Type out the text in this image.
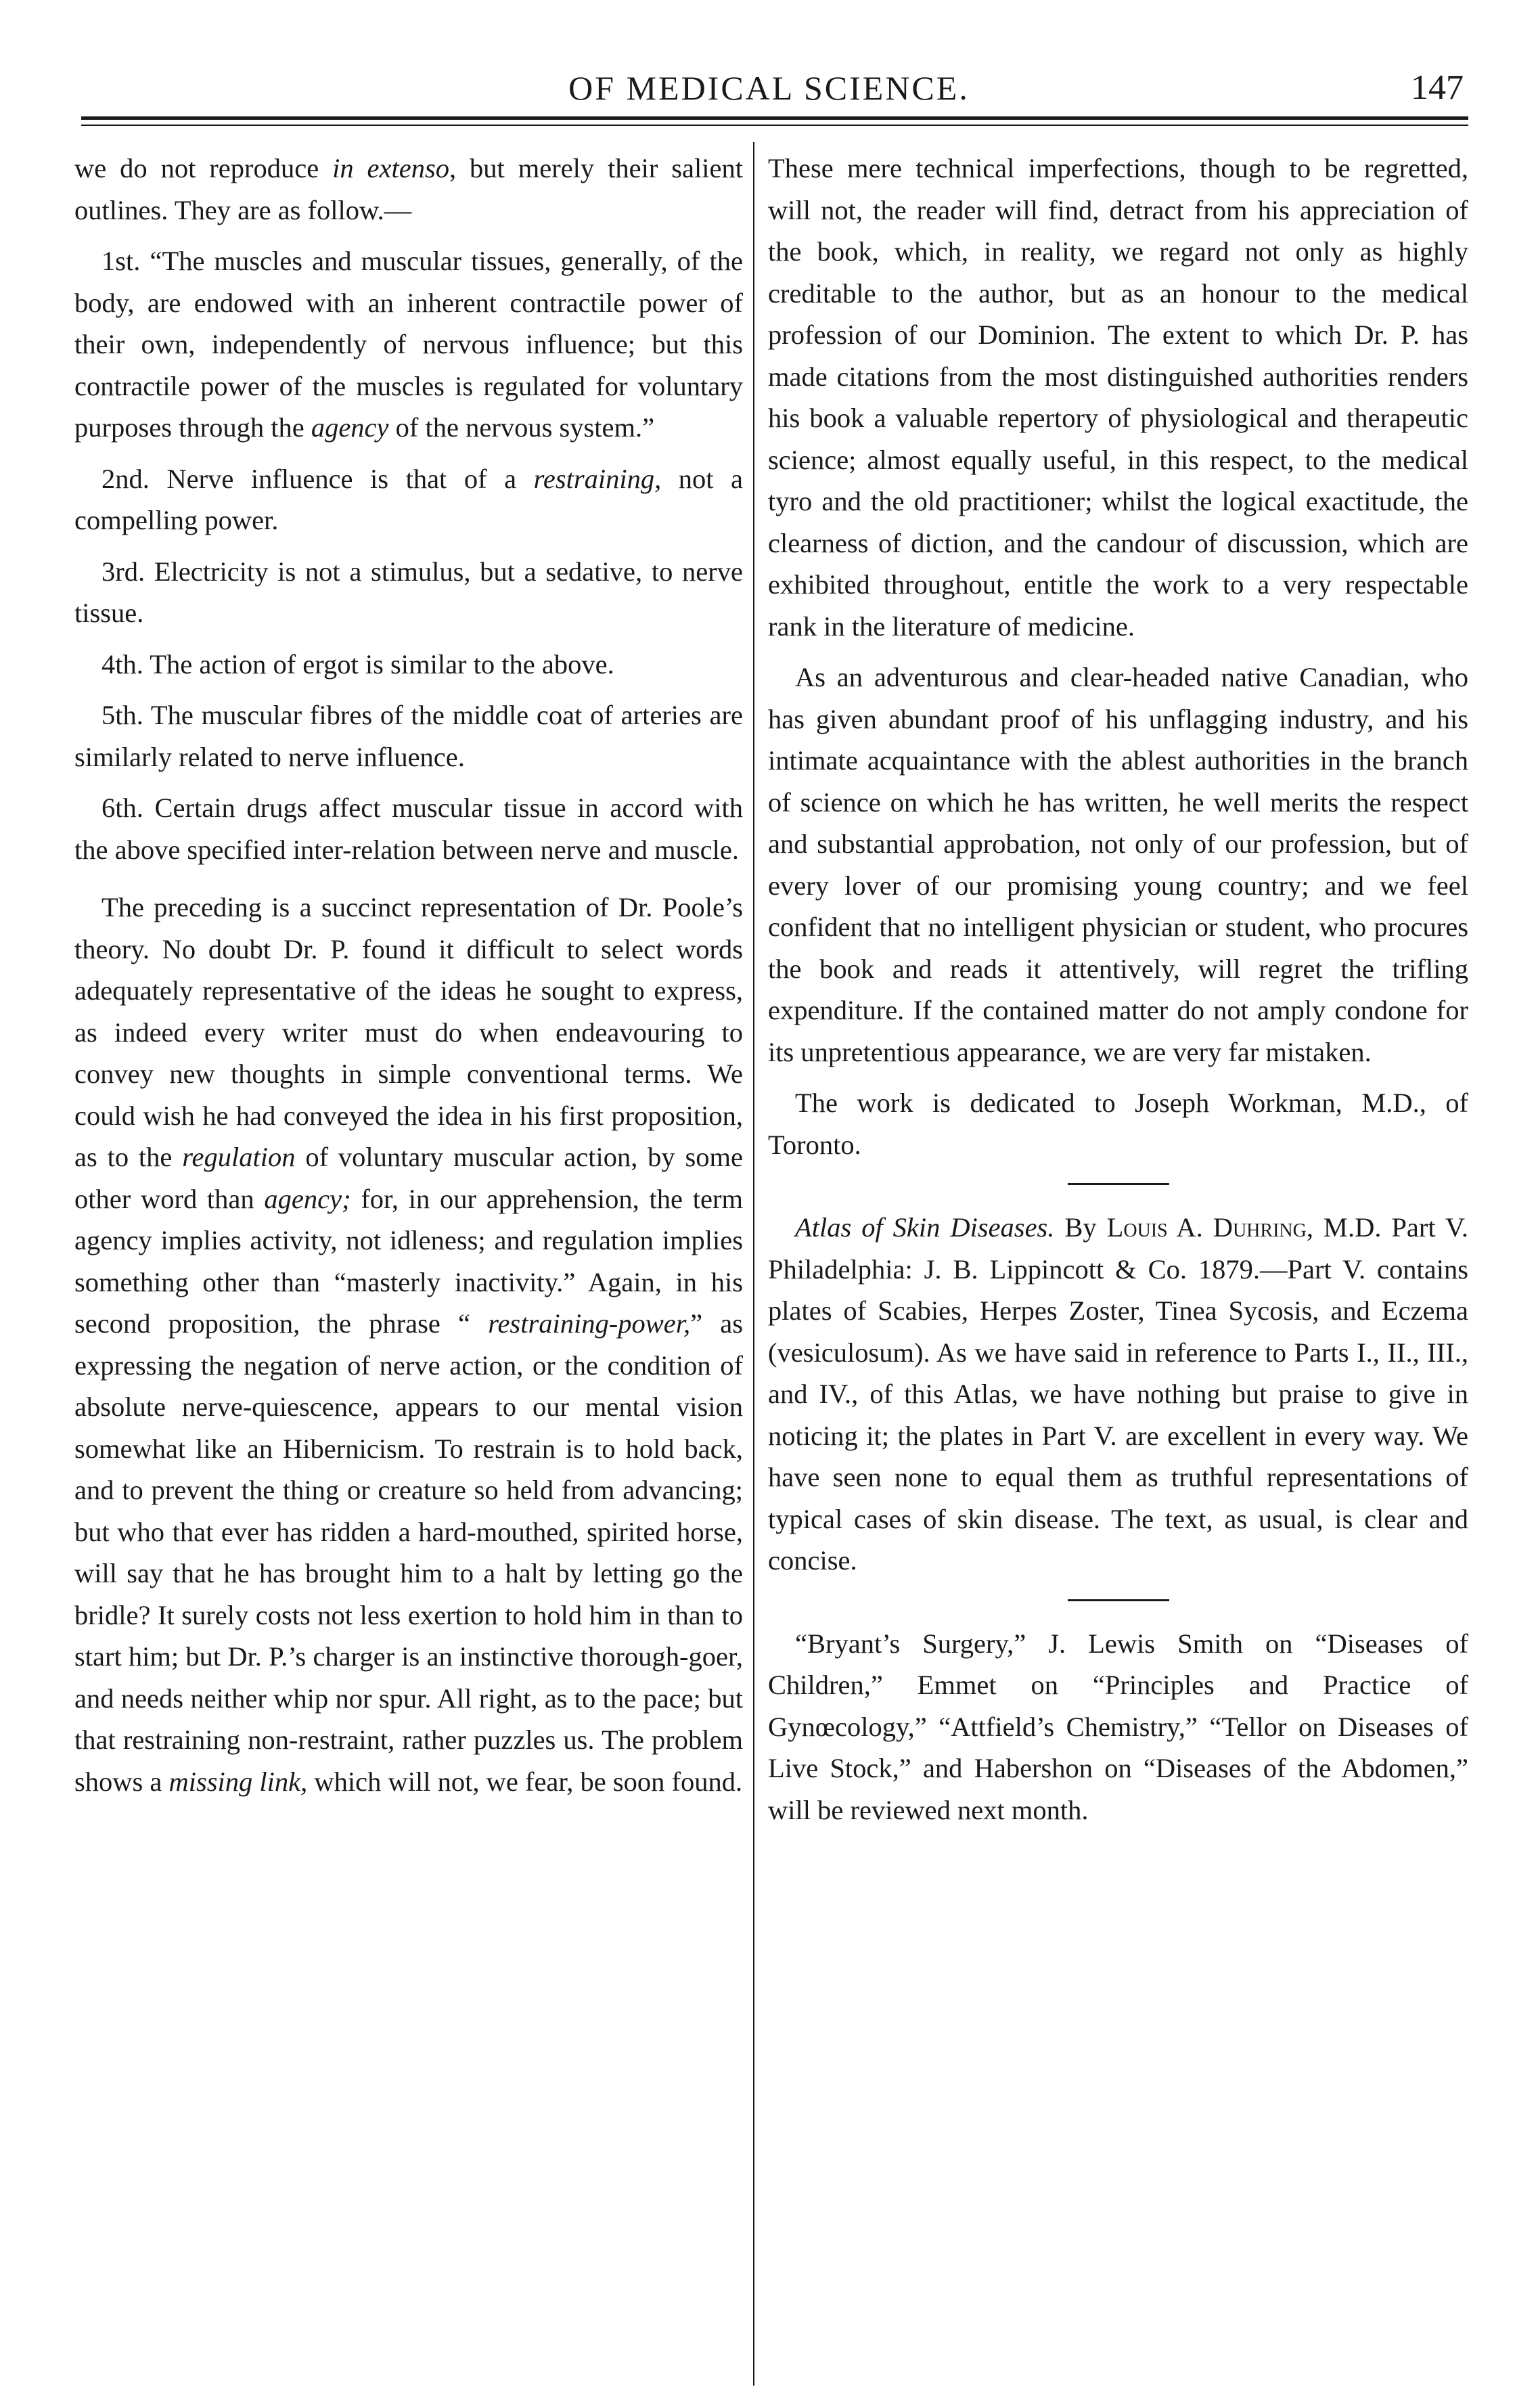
OF MEDICAL SCIENCE.	147

we do not reproduce in extenso, but merely their salient outlines. They are as follow.—

1st. “The muscles and muscular tissues, generally, of the body, are endowed with an inherent contractile power of their own, independently of nervous influence; but this contractile power of the muscles is regulated for voluntary purposes through the agency of the nervous system.”

2nd. Nerve influence is that of a restraining, not a compelling power.

3rd. Electricity is not a stimulus, but a sedative, to nerve tissue.

4th. The action of ergot is similar to the above.

5th. The muscular fibres of the middle coat of arteries are similarly related to nerve influence.

6th. Certain drugs affect muscular tissue in accord with the above specified inter-relation between nerve and muscle.

The preceding is a succinct representation of Dr. Poole’s theory. No doubt Dr. P. found it difficult to select words adequately representative of the ideas he sought to express, as indeed every writer must do when endeavouring to convey new thoughts in simple conventional terms. We could wish he had conveyed the idea in his first proposition, as to the regulation of voluntary muscular action, by some other word than agency; for, in our apprehension, the term agency implies activity, not idleness; and regulation implies something other than “masterly inactivity.” Again, in his second proposition, the phrase “ restraining-power,” as expressing the negation of nerve action, or the condition of absolute nerve-quiescence, appears to our mental vision somewhat like an Hibernicism. To restrain is to hold back, and to prevent the thing or creature so held from advancing; but who that ever has ridden a hard-mouthed, spirited horse, will say that he has brought him to a halt by letting go the bridle? It surely costs not less exertion to hold him in than to start him; but Dr. P.’s charger is an instinctive thorough-goer, and needs neither whip nor spur. All right, as to the pace; but that restraining non-restraint, rather puzzles us. The problem shows a missing link, which will not, we fear, be soon found.

These mere technical imperfections, though to be regretted, will not, the reader will find, detract from his appreciation of the book, which, in reality, we regard not only as highly creditable to the author, but as an honour to the medical profession of our Dominion. The extent to which Dr. P. has made citations from the most distinguished authorities renders his book a valuable repertory of physiological and therapeutic science; almost equally useful, in this respect, to the medical tyro and the old practitioner; whilst the logical exactitude, the clearness of diction, and the candour of discussion, which are exhibited throughout, entitle the work to a very respectable rank in the literature of medicine.

As an adventurous and clear-headed native Canadian, who has given abundant proof of his unflagging industry, and his intimate acquaintance with the ablest authorities in the branch of science on which he has written, he well merits the respect and substantial approbation, not only of our profession, but of every lover of our promising young country; and we feel confident that no intelligent physician or student, who procures the book and reads it attentively, will regret the trifling expenditure. If the contained matter do not amply condone for its unpretentious appearance, we are very far mistaken.

The work is dedicated to Joseph Workman, M.D., of Toronto.

Atlas of Skin Diseases. By Louis A. Duhring, M.D. Part V. Philadelphia: J. B. Lippincott & Co. 1879.—Part V. contains plates of Scabies, Herpes Zoster, Tinea Sycosis, and Eczema (vesiculosum). As we have said in reference to Parts I., II., III., and IV., of this Atlas, we have nothing but praise to give in noticing it; the plates in Part V. are excellent in every way. We have seen none to equal them as truthful representations of typical cases of skin disease. The text, as usual, is clear and concise.

“Bryant’s Surgery,” J. Lewis Smith on “Diseases of Children,” Emmet on “Principles and Practice of Gynœcology,” “Attfield’s Chemistry,” “Tellor on Diseases of Live Stock,” and Habershon on “Diseases of the Abdomen,” will be reviewed next month.
